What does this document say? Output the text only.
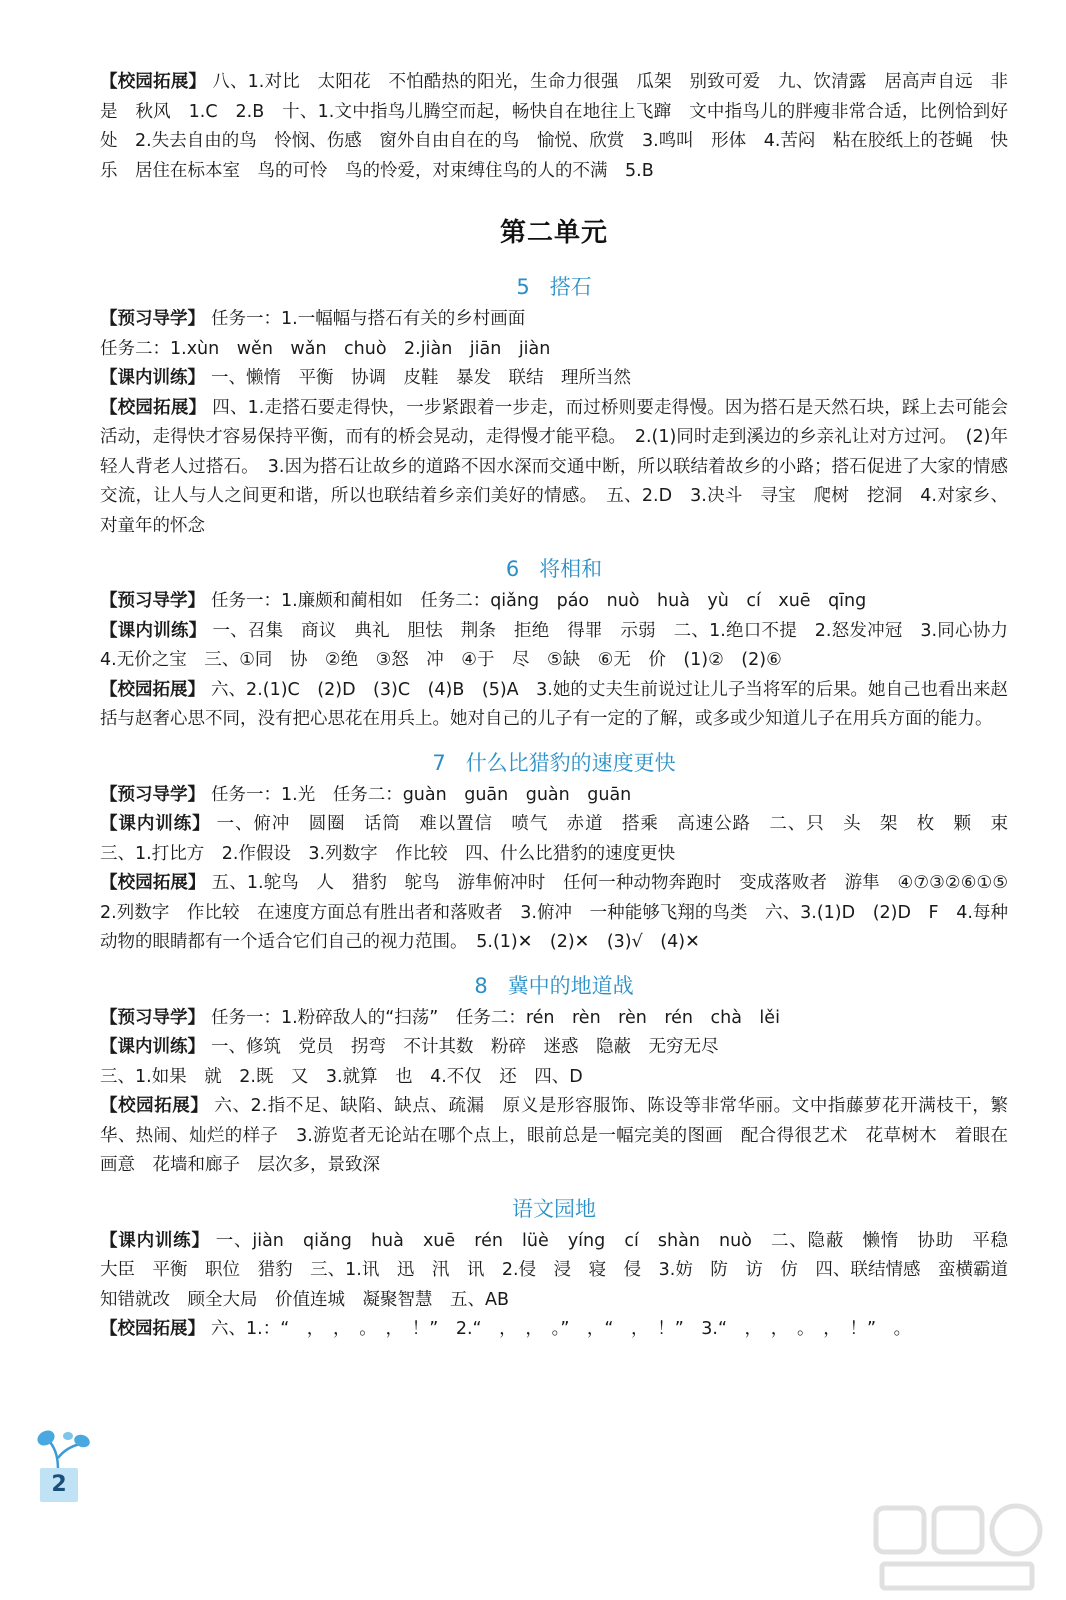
【校园拓展】 八、1.对比　太阳花　不怕酷热的阳光，生命力很强　瓜架　别致可爱　九、饮清露　居高声自远　非是　秋风　1.C　2.B　十、1.文中指鸟儿腾空而起，畅快自在地往上飞蹿　文中指鸟儿的胖瘦非常合适，比例恰到好处　2.失去自由的鸟　怜悯、伤感　窗外自由自在的鸟　愉悦、欣赏　3.鸣叫　形体　4.苦闷　粘在胶纸上的苍蝇　快乐　居住在标本室　鸟的可怜　鸟的怜爱，对束缚住鸟的人的不满　5.B

第二单元
5 搭石

【预习导学】 任务一：1.一幅幅与搭石有关的乡村画面

任务二：1.xùn　wěn　wǎn　chuò　2.jiàn　jiān　jiàn

【课内训练】 一、懒惰　平衡　协调　皮鞋　暴发　联结　理所当然

【校园拓展】 四、1.走搭石要走得快，一步紧跟着一步走，而过桥则要走得慢。因为搭石是天然石块，踩上去可能会活动，走得快才容易保持平衡，而有的桥会晃动，走得慢才能平稳。　2.(1)同时走到溪边的乡亲礼让对方过河。　(2)年轻人背老人过搭石。　3.因为搭石让故乡的道路不因水深而交通中断，所以联结着故乡的小路；搭石促进了大家的情感交流，让人与人之间更和谐，所以也联结着乡亲们美好的情感。　五、2.D　3.决斗　寻宝　爬树　挖洞　4.对家乡、对童年的怀念

6 将相和

【预习导学】 任务一：1.廉颇和蔺相如　任务二：qiǎng　páo　nuò　huà　yù　cí　xuē　qīng

【课内训练】 一、召集　商议　典礼　胆怯　荆条　拒绝　得罪　示弱　二、1.绝口不提　2.怒发冲冠　3.同心协力　4.无价之宝　三、①同　协　②绝　③怒　冲　④于　尽　⑤缺　⑥无　价　(1)②　(2)⑥

【校园拓展】 六、2.(1)C　(2)D　(3)C　(4)B　(5)A　3.她的丈夫生前说过让儿子当将军的后果。她自己也看出来赵括与赵奢心思不同，没有把心思花在用兵上。她对自己的儿子有一定的了解，或多或少知道儿子在用兵方面的能力。

7 什么比猎豹的速度更快

【预习导学】 任务一：1.光　任务二：guàn　guān　guàn　guān

【课内训练】 一、俯冲　圆圈　话筒　难以置信　喷气　赤道　搭乘　高速公路　二、只　头　架　枚　颗　束　三、1.打比方　2.作假设　3.列数字　作比较　四、什么比猎豹的速度更快

【校园拓展】 五、1.鸵鸟　人　猎豹　鸵鸟　游隼俯冲时　任何一种动物奔跑时　变成落败者　游隼　④⑦③②⑥①⑤　2.列数字　作比较　在速度方面总有胜出者和落败者　3.俯冲　一种能够飞翔的鸟类　六、3.(1)D　(2)D　F　4.每种动物的眼睛都有一个适合它们自己的视力范围。　5.(1)✕　(2)✕　(3)√　(4)✕

8 冀中的地道战

【预习导学】 任务一：1.粉碎敌人的“扫荡”　任务二：rén　rèn　rèn　rén　chà　lěi

【课内训练】 一、修筑　党员　拐弯　不计其数　粉碎　迷惑　隐蔽　无穷无尽

三、1.如果　就　2.既　又　3.就算　也　4.不仅　还　四、D

【校园拓展】 六、2.指不足、缺陷、缺点、疏漏　原义是形容服饰、陈设等非常华丽。文中指藤萝花开满枝干，繁华、热闹、灿烂的样子　3.游览者无论站在哪个点上，眼前总是一幅完美的图画　配合得很艺术　花草树木　着眼在画意　花墙和廊子　层次多，景致深

语文园地

【课内训练】 一、jiàn　qiǎng　huà　xuē　rén　lüè　yíng　cí　shàn　nuò　二、隐蔽　懒惰　协助　平稳　大臣　平衡　职位　猎豹　三、1.讯　迅　汛　讯　2.侵　浸　寝　侵　3.妨　防　访　仿　四、联结情感　蛮横霸道　知错就改　顾全大局　价值连城　凝聚智慧　五、AB

【校园拓展】 六、1.：“　，　，　。　，　！”　2.“　，　，　。”　，“　，　！”　3.“　，　，　。　，　！”　。

2
